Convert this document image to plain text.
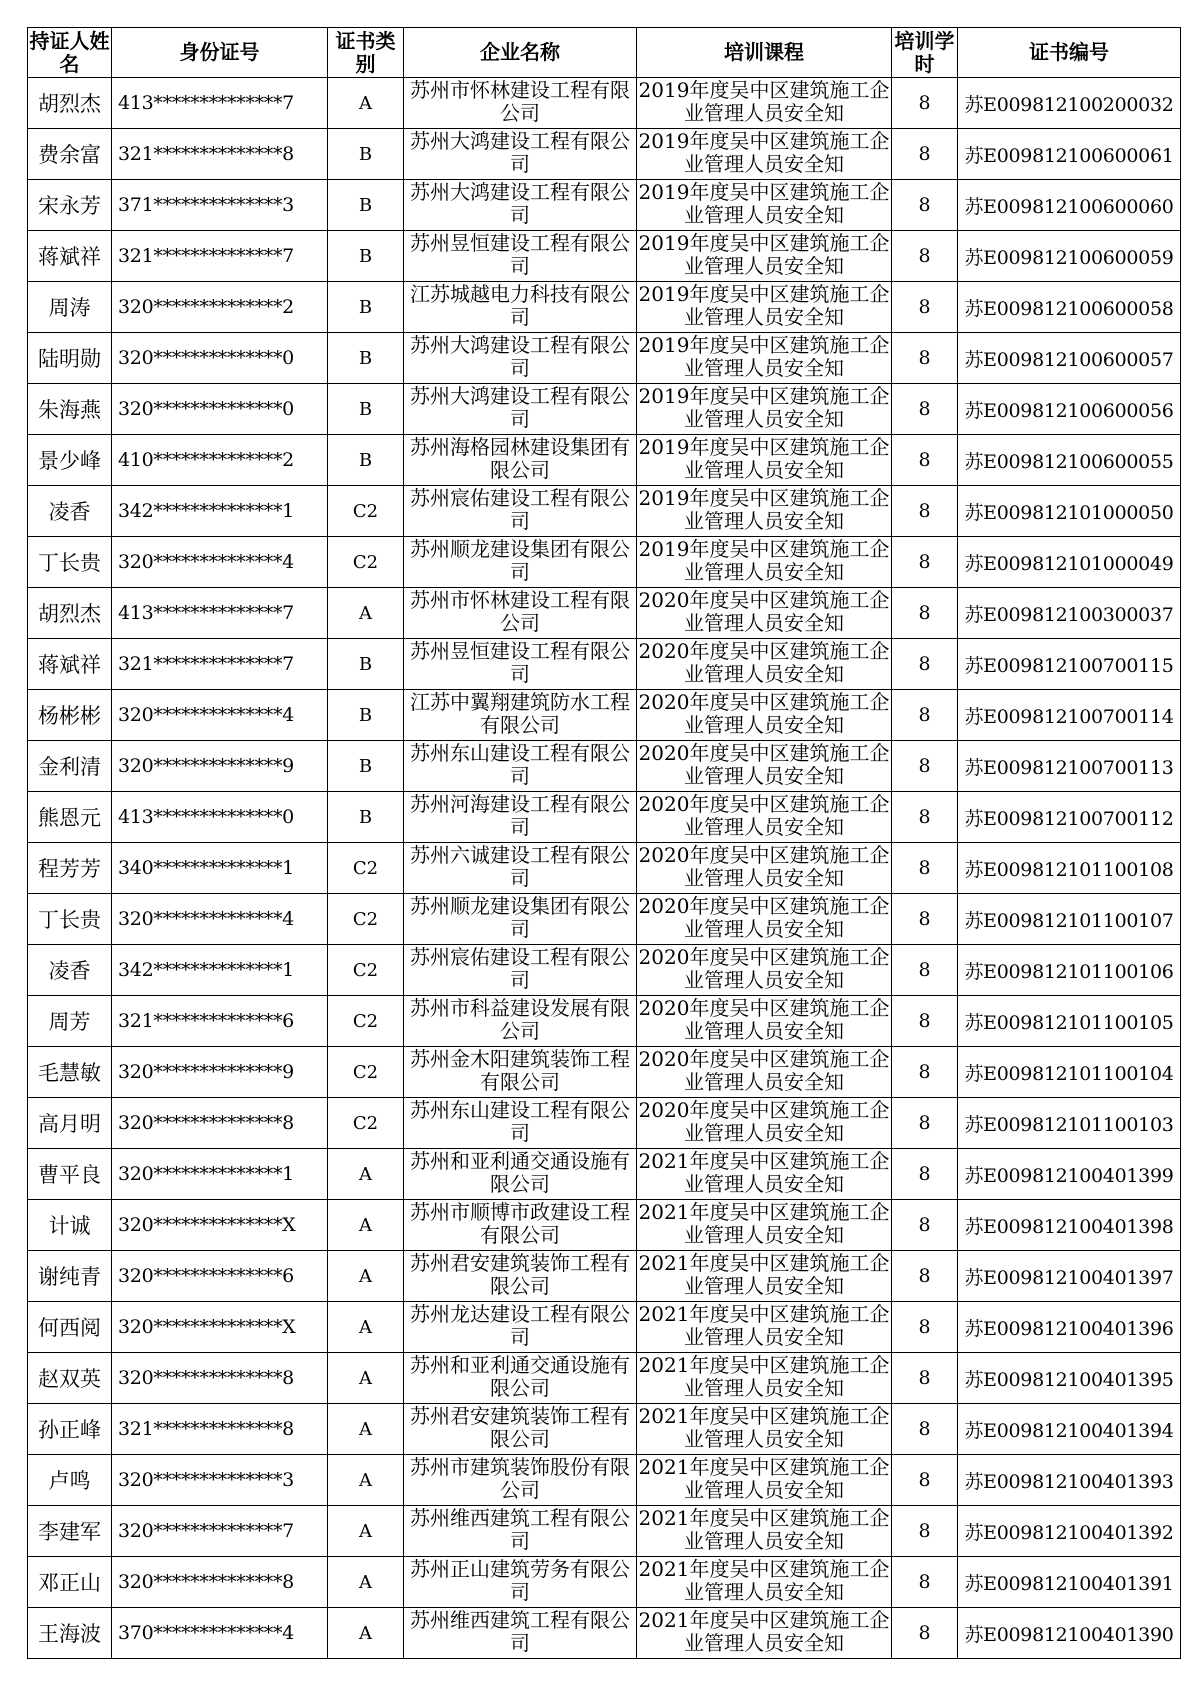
持证人姓名	身份证号	证书类别	企业名称	培训课程	培训学时	证书编号
胡烈杰	413**************7	A	苏州市怀林建设工程有限公司	2019年度吴中区建筑施工企业管理人员安全知	8	苏E009812100200032
费余富	321**************8	B	苏州大鸿建设工程有限公司	2019年度吴中区建筑施工企业管理人员安全知	8	苏E009812100600061
宋永芳	371**************3	B	苏州大鸿建设工程有限公司	2019年度吴中区建筑施工企业管理人员安全知	8	苏E009812100600060
蒋斌祥	321**************7	B	苏州昱恒建设工程有限公司	2019年度吴中区建筑施工企业管理人员安全知	8	苏E009812100600059
周涛	320**************2	B	江苏城越电力科技有限公司	2019年度吴中区建筑施工企业管理人员安全知	8	苏E009812100600058
陆明勋	320**************0	B	苏州大鸿建设工程有限公司	2019年度吴中区建筑施工企业管理人员安全知	8	苏E009812100600057
朱海燕	320**************0	B	苏州大鸿建设工程有限公司	2019年度吴中区建筑施工企业管理人员安全知	8	苏E009812100600056
景少峰	410**************2	B	苏州海格园林建设集团有限公司	2019年度吴中区建筑施工企业管理人员安全知	8	苏E009812100600055
凌香	342**************1	C2	苏州宸佑建设工程有限公司	2019年度吴中区建筑施工企业管理人员安全知	8	苏E009812101000050
丁长贵	320**************4	C2	苏州顺龙建设集团有限公司	2019年度吴中区建筑施工企业管理人员安全知	8	苏E009812101000049
胡烈杰	413**************7	A	苏州市怀林建设工程有限公司	2020年度吴中区建筑施工企业管理人员安全知	8	苏E009812100300037
蒋斌祥	321**************7	B	苏州昱恒建设工程有限公司	2020年度吴中区建筑施工企业管理人员安全知	8	苏E009812100700115
杨彬彬	320**************4	B	江苏中翼翔建筑防水工程有限公司	2020年度吴中区建筑施工企业管理人员安全知	8	苏E009812100700114
金利清	320**************9	B	苏州东山建设工程有限公司	2020年度吴中区建筑施工企业管理人员安全知	8	苏E009812100700113
熊恩元	413**************0	B	苏州河海建设工程有限公司	2020年度吴中区建筑施工企业管理人员安全知	8	苏E009812100700112
程芳芳	340**************1	C2	苏州六诚建设工程有限公司	2020年度吴中区建筑施工企业管理人员安全知	8	苏E009812101100108
丁长贵	320**************4	C2	苏州顺龙建设集团有限公司	2020年度吴中区建筑施工企业管理人员安全知	8	苏E009812101100107
凌香	342**************1	C2	苏州宸佑建设工程有限公司	2020年度吴中区建筑施工企业管理人员安全知	8	苏E009812101100106
周芳	321**************6	C2	苏州市科益建设发展有限公司	2020年度吴中区建筑施工企业管理人员安全知	8	苏E009812101100105
毛慧敏	320**************9	C2	苏州金木阳建筑装饰工程有限公司	2020年度吴中区建筑施工企业管理人员安全知	8	苏E009812101100104
高月明	320**************8	C2	苏州东山建设工程有限公司	2020年度吴中区建筑施工企业管理人员安全知	8	苏E009812101100103
曹平良	320**************1	A	苏州和亚利通交通设施有限公司	2021年度吴中区建筑施工企业管理人员安全知	8	苏E009812100401399
计诚	320**************X	A	苏州市顺博市政建设工程有限公司	2021年度吴中区建筑施工企业管理人员安全知	8	苏E009812100401398
谢纯青	320**************6	A	苏州君安建筑装饰工程有限公司	2021年度吴中区建筑施工企业管理人员安全知	8	苏E009812100401397
何西阅	320**************X	A	苏州龙达建设工程有限公司	2021年度吴中区建筑施工企业管理人员安全知	8	苏E009812100401396
赵双英	320**************8	A	苏州和亚利通交通设施有限公司	2021年度吴中区建筑施工企业管理人员安全知	8	苏E009812100401395
孙正峰	321**************8	A	苏州君安建筑装饰工程有限公司	2021年度吴中区建筑施工企业管理人员安全知	8	苏E009812100401394
卢鸣	320**************3	A	苏州市建筑装饰股份有限公司	2021年度吴中区建筑施工企业管理人员安全知	8	苏E009812100401393
李建军	320**************7	A	苏州维西建筑工程有限公司	2021年度吴中区建筑施工企业管理人员安全知	8	苏E009812100401392
邓正山	320**************8	A	苏州正山建筑劳务有限公司	2021年度吴中区建筑施工企业管理人员安全知	8	苏E009812100401391
王海波	370**************4	A	苏州维西建筑工程有限公司	2021年度吴中区建筑施工企业管理人员安全知	8	苏E009812100401390
